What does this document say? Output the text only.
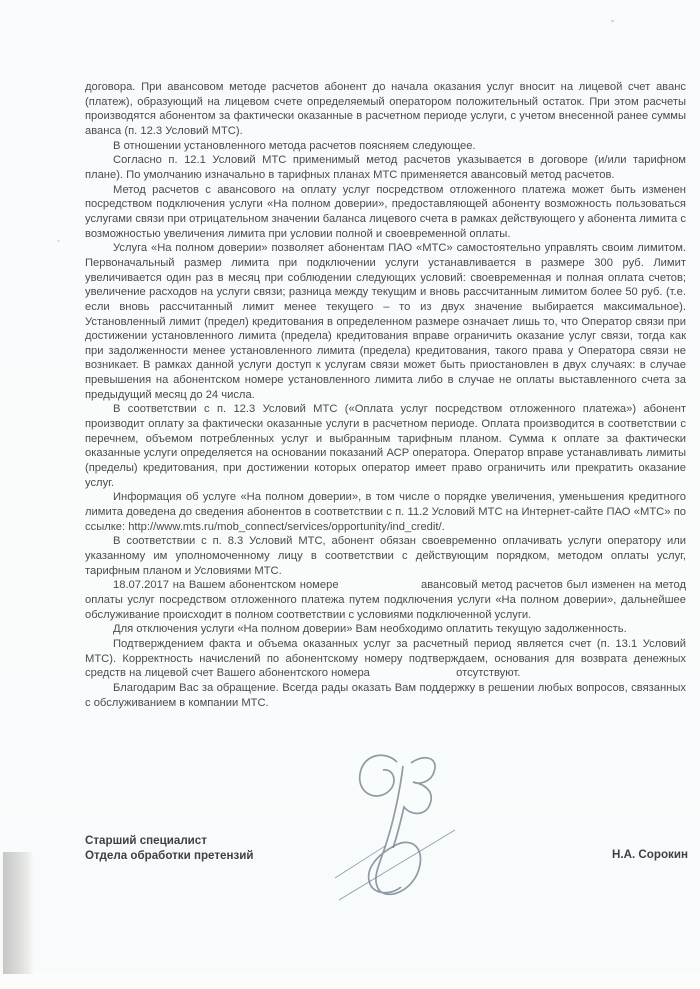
договора. При авансовом методе расчетов абонент до начала оказания услуг вносит на лицевой счет аванс (платеж), образующий на лицевом счете определяемый оператором положительный остаток. При этом расчеты производятся абонентом за фактически оказанные в расчетном периоде услуги, с учетом внесенной ранее суммы аванса (п. 12.3 Условий МТС).

В отношении установленного метода расчетов поясняем следующее.

Согласно п. 12.1 Условий МТС применимый метод расчетов указывается в договоре (и/или тарифном плане). По умолчанию изначально в тарифных планах МТС применяется авансовый метод расчетов.

Метод расчетов с авансового на оплату услуг посредством отложенного платежа может быть изменен посредством подключения услуги «На полном доверии», предоставляющей абоненту возможность пользоваться услугами связи при отрицательном значении баланса лицевого счета в рамках действующего у абонента лимита с возможностью увеличения лимита при условии полной и своевременной оплаты.

Услуга «На полном доверии» позволяет абонентам ПАО «МТС» самостоятельно управлять своим лимитом. Первоначальный размер лимита при подключении услуги устанавливается в размере 300 руб. Лимит увеличивается один раз в месяц при соблюдении следующих условий: своевременная и полная оплата счетов; увеличение расходов на услуги связи; разница между текущим и вновь рассчитанным лимитом более 50 руб. (т.е. если вновь рассчитанный лимит менее текущего – то из двух значение выбирается максимальное). Установленный лимит (предел) кредитования в определенном размере означает лишь то, что Оператор связи при достижении установленного лимита (предела) кредитования вправе ограничить оказание услуг связи, тогда как при задолженности менее установленного лимита (предела) кредитования, такого права у Оператора связи не возникает. В рамках данной услуги доступ к услугам связи может быть приостановлен в двух случаях: в случае превышения на абонентском номере установленного лимита либо в случае не оплаты выставленного счета за предыдущий месяц до 24 числа.

В соответствии с п. 12.3 Условий МТС («Оплата услуг посредством отложенного платежа») абонент производит оплату за фактически оказанные услуги в расчетном периоде. Оплата производится в соответствии с перечнем, объемом потребленных услуг и выбранным тарифным планом. Сумма к оплате за фактически оказанные услуги определяется на основании показаний АСР оператора. Оператор вправе устанавливать лимиты (пределы) кредитования, при достижении которых оператор имеет право ограничить или прекратить оказание услуг.

Информация об услуге «На полном доверии», в том числе о порядке увеличения, уменьшения кредитного лимита доведена до сведения абонентов в соответствии с п. 11.2 Условий МТС на Интернет-сайте ПАО «МТС» по ссылке: http://www.mts.ru/mob_connect/services/opportunity/ind_credit/.

В соответствии с п. 8.3 Условий МТС, абонент обязан своевременно оплачивать услуги оператору или указанному им уполномоченному лицу в соответствии с действующим порядком, методом оплаты услуг, тарифным планом и Условиями МТС.

18.07.2017 на Вашем абонентском номере	авансовый метод расчетов был изменен на метод оплаты услуг посредством отложенного платежа путем подключения услуги «На полном доверии», дальнейшее обслуживание происходит в полном соответствии с условиями подключенной услуги.

Для отключения услуги «На полном доверии» Вам необходимо оплатить текущую задолженность.

Подтверждением факта и объема оказанных услуг за расчетный период является счет (п. 13.1 Условий МТС). Корректность начислений по абонентскому номеру подтверждаем, основания для возврата денежных средств на лицевой счет Вашего абонентского номера	отсутствуют.

Благодарим Вас за обращение. Всегда рады оказать Вам поддержку в решении любых вопросов, связанных с обслуживанием в компании МТС.

Старший специалист
Отдела обработки претензий	Н.А. Сорокин
